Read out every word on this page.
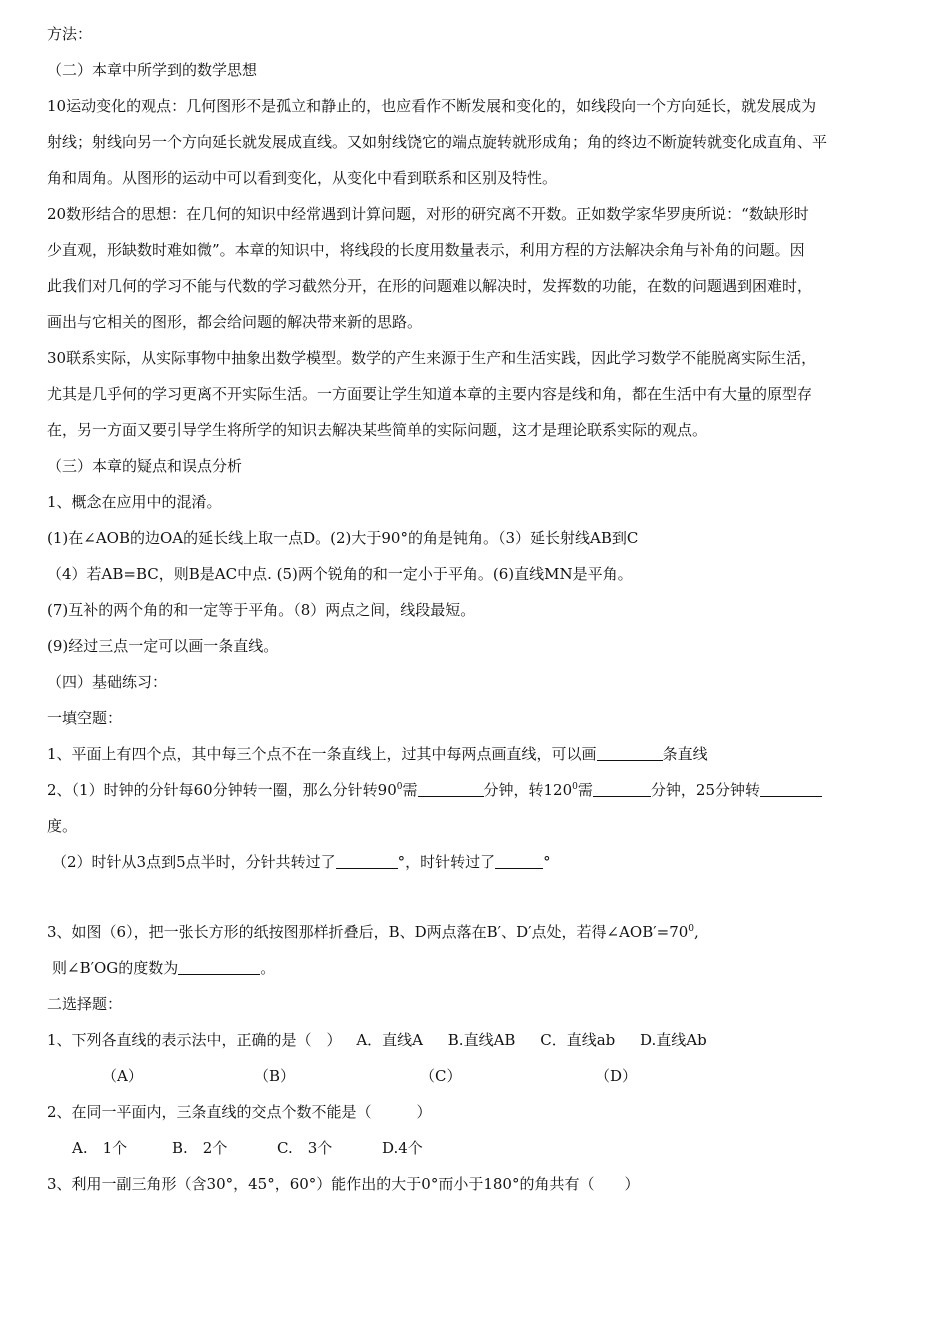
方法：
（二）本章中所学到的数学思想
10运动变化的观点：几何图形不是孤立和静止的，也应看作不断发展和变化的，如线段向一个方向延长，就发展成为
射线；射线向另一个方向延长就发展成直线。又如射线饶它的端点旋转就形成角；角的终边不断旋转就变化成直角、平
角和周角。从图形的运动中可以看到变化，从变化中看到联系和区别及特性。
20数形结合的思想：在几何的知识中经常遇到计算问题，对形的研究离不开数。正如数学家华罗庚所说：“数缺形时
少直观，形缺数时难如微”。本章的知识中，将线段的长度用数量表示，利用方程的方法解决余角与补角的问题。因
此我们对几何的学习不能与代数的学习截然分开，在形的问题难以解决时，发挥数的功能，在数的问题遇到困难时，
画出与它相关的图形，都会给问题的解决带来新的思路。
30联系实际，从实际事物中抽象出数学模型。数学的产生来源于生产和生活实践，因此学习数学不能脱离实际生活，
尤其是几乎何的学习更离不开实际生活。一方面要让学生知道本章的主要内容是线和角，都在生活中有大量的原型存
在，另一方面又要引导学生将所学的知识去解决某些简单的实际问题，这才是理论联系实际的观点。
（三）本章的疑点和误点分析
1、概念在应用中的混淆。
(1)在∠AOB的边OA的延长线上取一点D。(2)大于90°的角是钝角。（3）延长射线AB到C
（4）若AB=BC，则B是AC中点. (5)两个锐角的和一定小于平角。(6)直线MN是平角。
(7)互补的两个角的和一定等于平角。（8）两点之间，线段最短。
(9)经过三点一定可以画一条直线。
（四）基础练习：
一填空题：
1、平面上有四个点，其中每三个点不在一条直线上，过其中每两点画直线，可以画	条直线
2、（1）时钟的分针每60分钟转一圈，那么分针转$90^0$需	分钟，转$120^0$需	分钟，25分钟转
度。
（2）时针从3点到5点半时，分针共转过了	°，时针转过了	°
3、如图（6），把一张长方形的纸按图那样折叠后，B、D两点落在B′、D′点处，若得$\angle AOB'=70^0$,
则∠B′OG的度数为	。
二选择题：
1、下列各直线的表示法中，正确的是（　） A．直线A B.直线AB C．直线ab D.直线Ab
（A）	（B）	（C）	（D）
2、在同一平面内，三条直线的交点个数不能是（　　　）
A.　1个	B.　2个	C.　3个	D.4个
3、利用一副三角形（含30°，45°，60°）能作出的大于0°而小于180°的角共有（　　）
